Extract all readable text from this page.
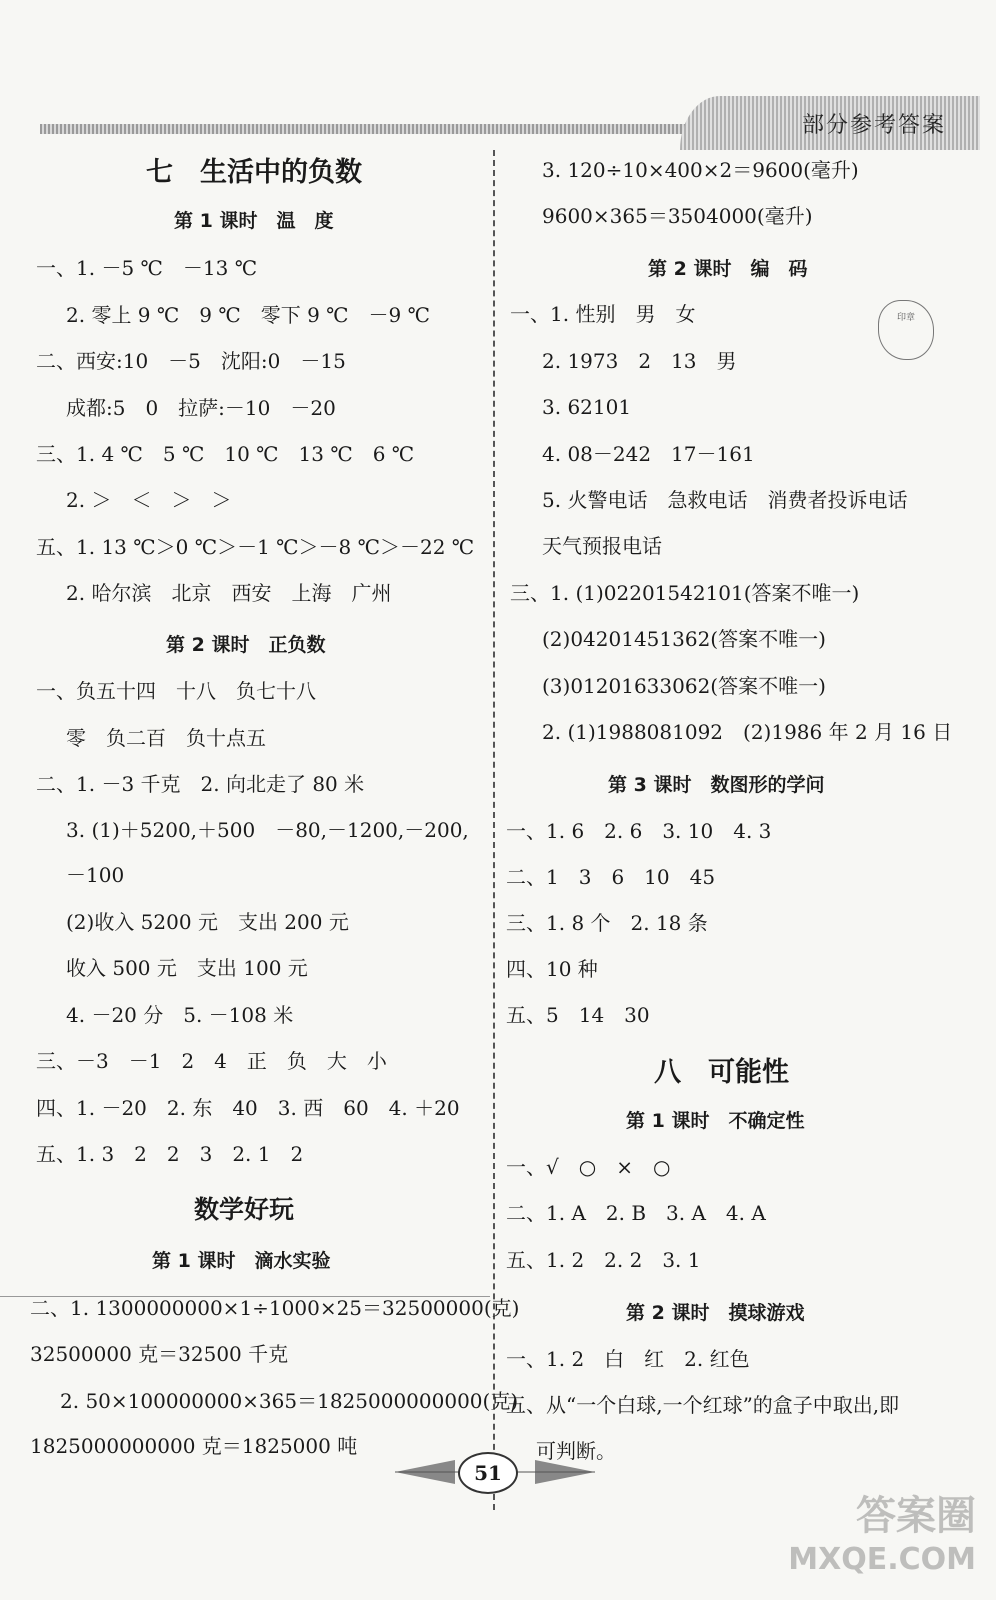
部分参考答案
七　生活中的负数
第 1 课时　温　度
一、1. －5 ℃　－13 ℃
2. 零上 9 ℃　9 ℃　零下 9 ℃　－9 ℃
二、西安:10　－5　沈阳:0　－15
成都:5　0　拉萨:－10　－20
三、1. 4 ℃　5 ℃　10 ℃　13 ℃　6 ℃
2. ＞　＜　＞　＞
五、1. 13 ℃＞0 ℃＞－1 ℃＞－8 ℃＞－22 ℃
2. 哈尔滨　北京　西安　上海　广州
第 2 课时　正负数
一、负五十四　十八　负七十八
零　负二百　负十点五
二、1. －3 千克　2. 向北走了 80 米
3. (1)＋5200,＋500　－80,－1200,－200,
－100
(2)收入 5200 元　支出 200 元
收入 500 元　支出 100 元
4. －20 分　5. －108 米
三、－3　－1　2　4　正　负　大　小
四、1. －20　2. 东　40　3. 西　60　4. ＋20
五、1. 3　2　2　3　2. 1　2
数学好玩
第 1 课时　滴水实验
二、1. 1300000000×1÷1000×25＝32500000(克)
32500000 克＝32500 千克
2. 50×100000000×365＝1825000000000(克)
1825000000000 克＝1825000 吨
3. 120÷10×400×2＝9600(毫升)
9600×365＝3504000(毫升)
第 2 课时　编　码
印章
一、1. 性别　男　女
2. 1973　2　13　男
3. 62101
4. 08－242　17－161
5. 火警电话　急救电话　消费者投诉电话
天气预报电话
三、1. (1)02201542101(答案不唯一)
(2)04201451362(答案不唯一)
(3)01201633062(答案不唯一)
2. (1)1988081092　(2)1986 年 2 月 16 日
第 3 课时　数图形的学问
一、1. 6　2. 6　3. 10　4. 3
二、1　3　6　10　45
三、1. 8 个　2. 18 条
四、10 种
五、5　14　30
八　可能性
第 1 课时　不确定性
一、√　○　×　○
二、1. A　2. B　3. A　4. A
五、1. 2　2. 2　3. 1
第 2 课时　摸球游戏
一、1. 2　白　红　2. 红色
五、从“一个白球,一个红球”的盒子中取出,即
可判断。
51
答案圈
MXQE.COM
